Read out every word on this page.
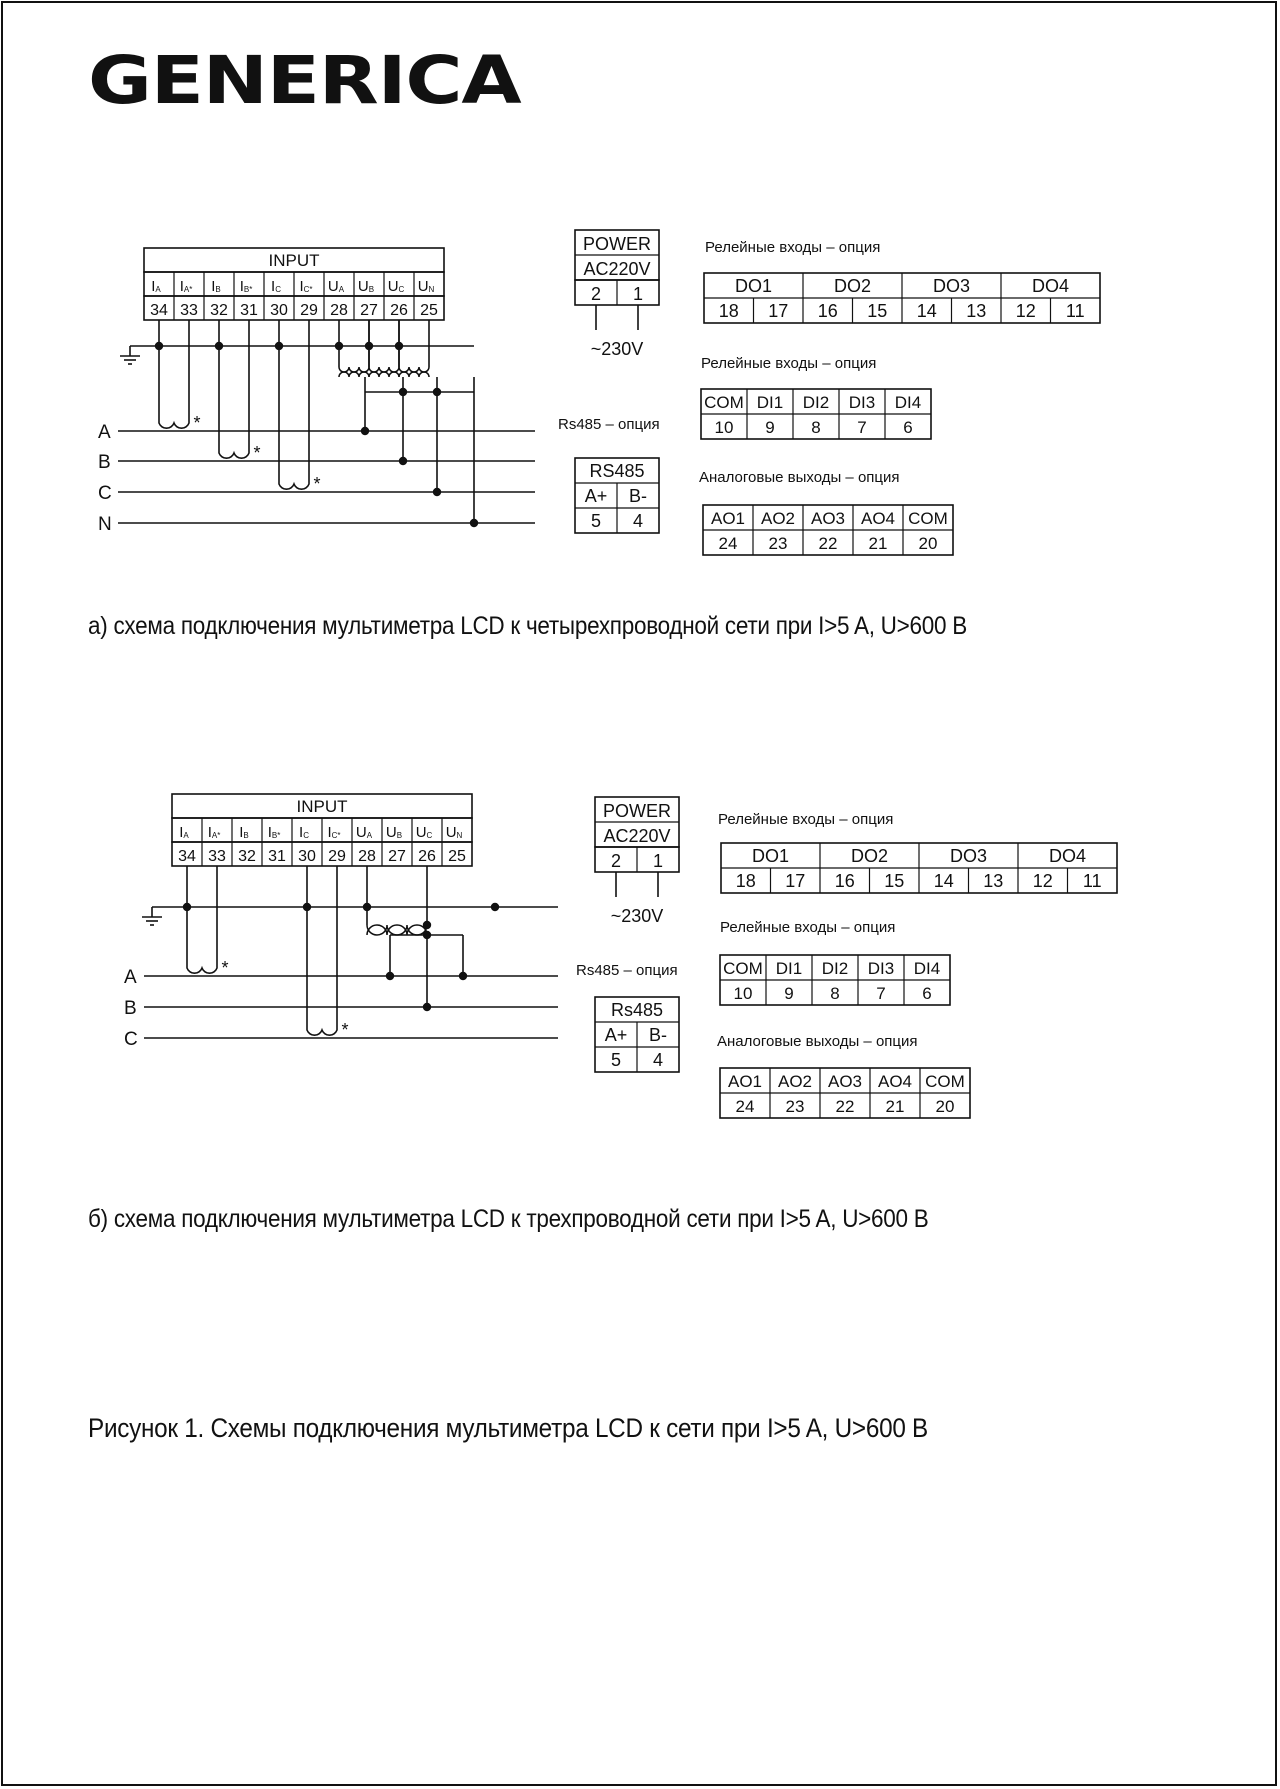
GENERICA
INPUT
IA IA* IB IB* IC IC* UA UB UC UN
34 33 32 31 30 29 28 27 26 25
A
B
C
N
*
*
*
POWER
AC220V
2 1
~230V
Rs485 – опция
RS485
A+ B-
5 4
Релейные входы – опция
DO1	DO2	DO3	DO4
18 17 16 15 14 13 12 11
Релейные входы – опция
COM DI1 DI2 DI3 DI4
10 9 8 7 6
Аналоговые выходы – опция
AO1 AO2 AO3 AO4 COM
24 23 22 21 20
INPUT
IA IA* IB IB* IC IC* UA UB UC UN
34 33 32 31 30 29 28 27 26 25
A
B
C
*
*
POWER
AC220V
2 1
~230V
Rs485 – опция
Rs485
A+ B-
5 4
Релейные входы – опция
DO1	DO2	DO3	DO4
18 17 16 15 14 13 12 11
Релейные входы – опция
COM DI1 DI2 DI3 DI4
10 9 8 7 6
Аналоговые выходы – опция
AO1 AO2 AO3 AO4 COM
24 23 22 21 20
а) схема подключения мультиметра LCD к четырехпроводной сети при I>5 A, U>600 B
б) схема подключения мультиметра LCD к трехпроводной сети при I>5 A, U>600 B
Рисунок 1. Схемы подключения мультиметра LCD к сети при I>5 A, U>600 B
